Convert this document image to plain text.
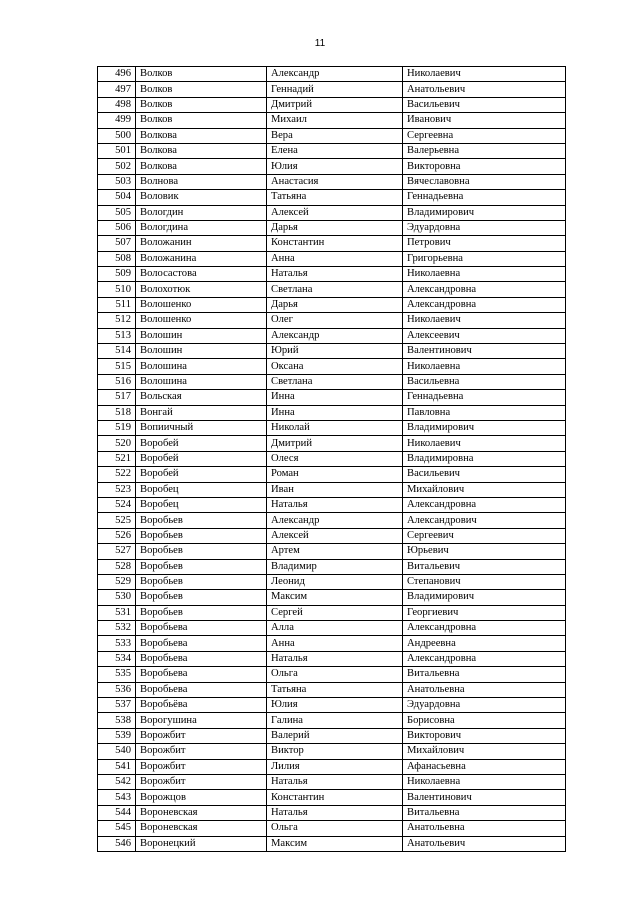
11
496	Волков	Александр	Николаевич
497	Волков	Геннадий	Анатольевич
498	Волков	Дмитрий	Васильевич
499	Волков	Михаил	Иванович
500	Волкова	Вера	Сергеевна
501	Волкова	Елена	Валерьевна
502	Волкова	Юлия	Викторовна
503	Волнова	Анастасия	Вячеславовна
504	Воловик	Татьяна	Геннадьевна
505	Вологдин	Алексей	Владимирович
506	Вологдина	Дарья	Эдуардовна
507	Воложанин	Константин	Петрович
508	Воложанина	Анна	Григорьевна
509	Волосастова	Наталья	Николаевна
510	Волохотюк	Светлана	Александровна
511	Волошенко	Дарья	Александровна
512	Волошенко	Олег	Николаевич
513	Волошин	Александр	Алексеевич
514	Волошин	Юрий	Валентинович
515	Волошина	Оксана	Николаевна
516	Волошина	Светлана	Васильевна
517	Вольская	Инна	Геннадьевна
518	Вонгай	Инна	Павловна
519	Вопиичный	Николай	Владимирович
520	Воробей	Дмитрий	Николаевич
521	Воробей	Олеся	Владимировна
522	Воробей	Роман	Васильевич
523	Воробец	Иван	Михайлович
524	Воробец	Наталья	Александровна
525	Воробьев	Александр	Александрович
526	Воробьев	Алексей	Сергеевич
527	Воробьев	Артем	Юрьевич
528	Воробьев	Владимир	Витальевич
529	Воробьев	Леонид	Степанович
530	Воробьев	Максим	Владимирович
531	Воробьев	Сергей	Георгиевич
532	Воробьева	Алла	Александровна
533	Воробьева	Анна	Андреевна
534	Воробьева	Наталья	Александровна
535	Воробьева	Ольга	Витальевна
536	Воробьева	Татьяна	Анатольевна
537	Воробьёва	Юлия	Эдуардовна
538	Ворогушина	Галина	Борисовна
539	Ворожбит	Валерий	Викторович
540	Ворожбит	Виктор	Михайлович
541	Ворожбит	Лилия	Афанасьевна
542	Ворожбит	Наталья	Николаевна
543	Ворожцов	Константин	Валентинович
544	Вороневская	Наталья	Витальевна
545	Вороневская	Ольга	Анатольевна
546	Воронецкий	Максим	Анатольевич
